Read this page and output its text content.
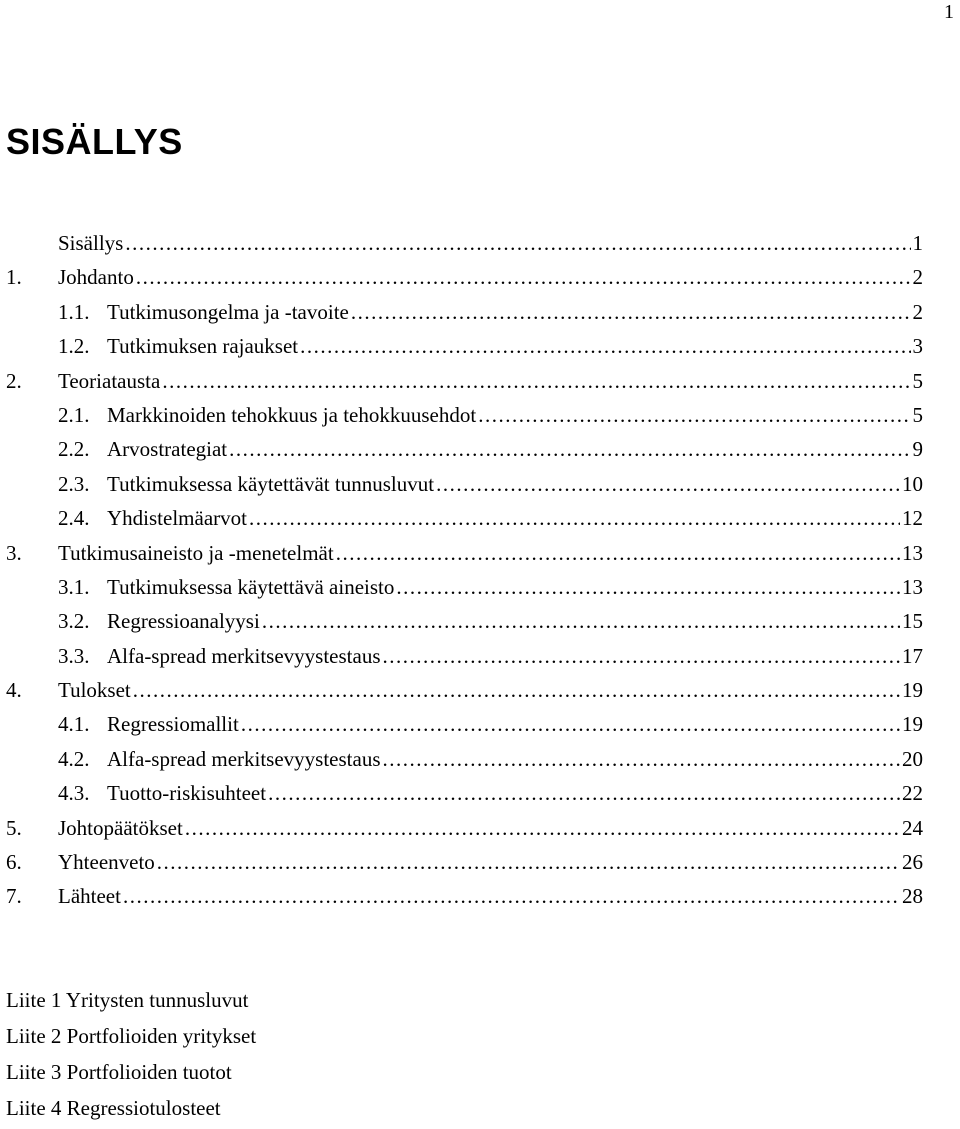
1
SISÄLLYS
Sisällys .....	1
1.	Johdanto .....	2
1.1. Tutkimusongelma ja -tavoite .....	2
1.2. Tutkimuksen rajaukset .....	3
2.	Teoriatausta .....	5
2.1. Markkinoiden tehokkuus ja tehokkuusehdot .....	5
2.2. Arvostrategiat .....	9
2.3. Tutkimuksessa käytettävät tunnusluvut .....	10
2.4. Yhdistelmäarvot .....	12
3.	Tutkimusaineisto ja -menetelmät .....	13
3.1. Tutkimuksessa käytettävä aineisto .....	13
3.2. Regressioanalyysi .....	15
3.3. Alfa-spread merkitsevyystestaus .....	17
4.	Tulokset .....	19
4.1. Regressiomallit .....	19
4.2. Alfa-spread merkitsevyystestaus .....	20
4.3. Tuotto-riskisuhteet .....	22
5.	Johtopäätökset .....	24
6.	Yhteenveto .....	26
7.	Lähteet .....	28
Liite 1 Yritysten tunnusluvut
Liite 2 Portfolioiden yritykset
Liite 3 Portfolioiden tuotot
Liite 4 Regressiotulosteet
